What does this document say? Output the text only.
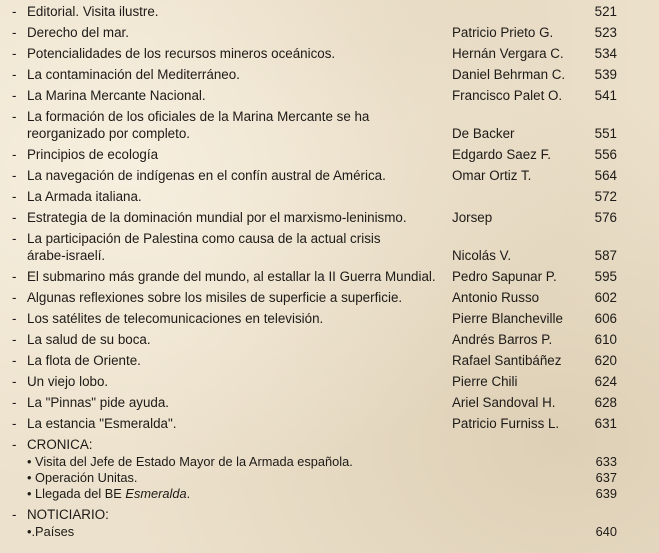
- Editorial. Visita ilustre.	521
- Derecho del mar.	Patricio Prieto G.	523
- Potencialidades de los recursos mineros oceánicos.	Hernán Vergara C. 534
- La contaminación del Mediterráneo.	Daniel Behrman C. 539
- La Marina Mercante Nacional.	Francisco Palet O. 541
- La formación de los oficiales de la Marina Mercante se ha
reorganizado por completo.	De Backer	551
- Principios de ecología	Edgardo Saez F.	556
- La navegación de indígenas en el confín austral de América.	Omar Ortiz T.	564
- La Armada italiana.	572
- Estrategia de la dominación mundial por el marxismo-leninismo.	Jorsep	576
- La participación de Palestina como causa de la actual crisis
árabe-israelí.	Nicolás V.	587
- El submarino más grande del mundo, al estallar la II Guerra Mundial. Pedro Sapunar P.	595
- Algunas reflexiones sobre los misiles de superficie a superficie.	Antonio Russo	602
- Los satélites de telecomunicaciones en televisión.	Pierre Blancheville 606
- La salud de su boca.	Andrés Barros P.	610
- La flota de Oriente.	Rafael Santibáñez 620
- Un viejo lobo.	Pierre Chili	624
- La "Pinnas" pide ayuda.	Ariel Sandoval H.	628
- La estancia "Esmeralda".	Patricio Furniss L.	631
- CRONICA:
• Visita del Jefe de Estado Mayor de la Armada española.	633
• Operación Unitas.	637
• Llegada del BE Esmeralda.	639
- NOTICIARIO:
•.Países	640
